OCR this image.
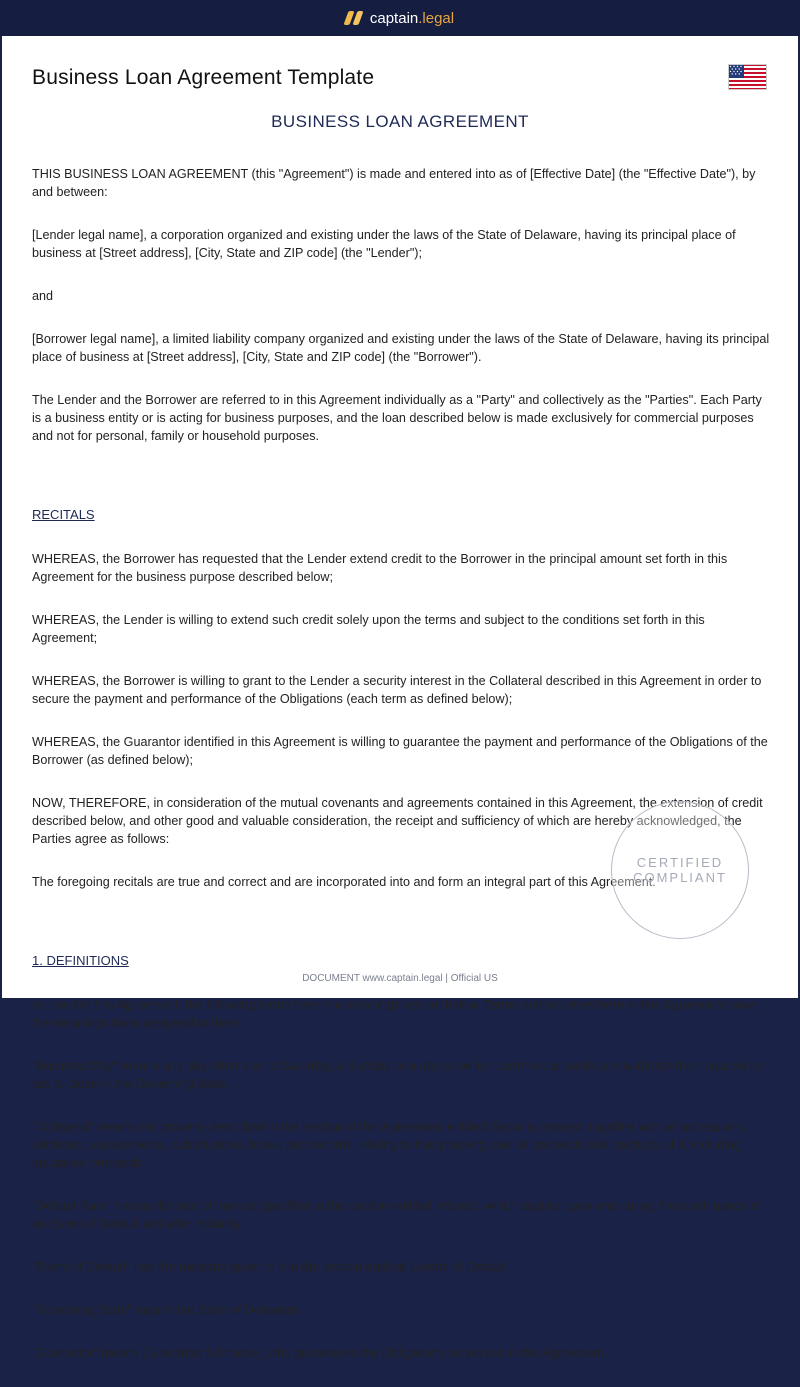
captain.legal
Business Loan Agreement Template
BUSINESS LOAN AGREEMENT

THIS BUSINESS LOAN AGREEMENT (this "Agreement") is made and entered into as of [Effective Date] (the "Effective Date"), by and between:

[Lender legal name], a corporation organized and existing under the laws of the State of Delaware, having its principal place of business at [Street address], [City, State and ZIP code] (the "Lender");

and

[Borrower legal name], a limited liability company organized and existing under the laws of the State of Delaware, having its principal place of business at [Street address], [City, State and ZIP code] (the "Borrower").

The Lender and the Borrower are referred to in this Agreement individually as a "Party" and collectively as the "Parties". Each Party is a business entity or is acting for business purposes, and the loan described below is made exclusively for commercial purposes and not for personal, family or household purposes.

RECITALS

WHEREAS, the Borrower has requested that the Lender extend credit to the Borrower in the principal amount set forth in this Agreement for the business purpose described below;

WHEREAS, the Lender is willing to extend such credit solely upon the terms and subject to the conditions set forth in this Agreement;

WHEREAS, the Borrower is willing to grant to the Lender a security interest in the Collateral described in this Agreement in order to secure the payment and performance of the Obligations (each term as defined below);

WHEREAS, the Guarantor identified in this Agreement is willing to guarantee the payment and performance of the Obligations of the Borrower (as defined below);

NOW, THEREFORE, in consideration of the mutual covenants and agreements contained in this Agreement, the extension of credit described below, and other good and valuable consideration, the receipt and sufficiency of which are hereby acknowledged, the Parties agree as follows:

The foregoing recitals are true and correct and are incorporated into and form an integral part of this Agreement.

1. DEFINITIONS

As used in this Agreement, the following terms have the meanings set out below. Terms defined elsewhere in this Agreement have the meanings there assigned to them.

"Business Day" means any day other than a Saturday, a Sunday or a day on which commercial banks are authorized or required by law to close in the Governing State.

"Collateral" means the property described in the section of this Agreement entitled Security Interest, together with all accessions, additions, replacements, substitutions, books and records relating to that property, and all proceeds and products of it, including insurance proceeds.

"Default Rate" means the rate of interest specified in the section entitled Interest, which applies upon and during the continuance of an Event of Default and after maturity.

"Event of Default" has the meaning given to it in the section entitled Events of Default.

"Governing State" means the State of Delaware.

"Guarantor" means [Guarantor full name], who guarantees the Obligations as set out in this Agreement.

CERTIFIED
COMPLIANT
DOCUMENT www.captain.legal | Official US
